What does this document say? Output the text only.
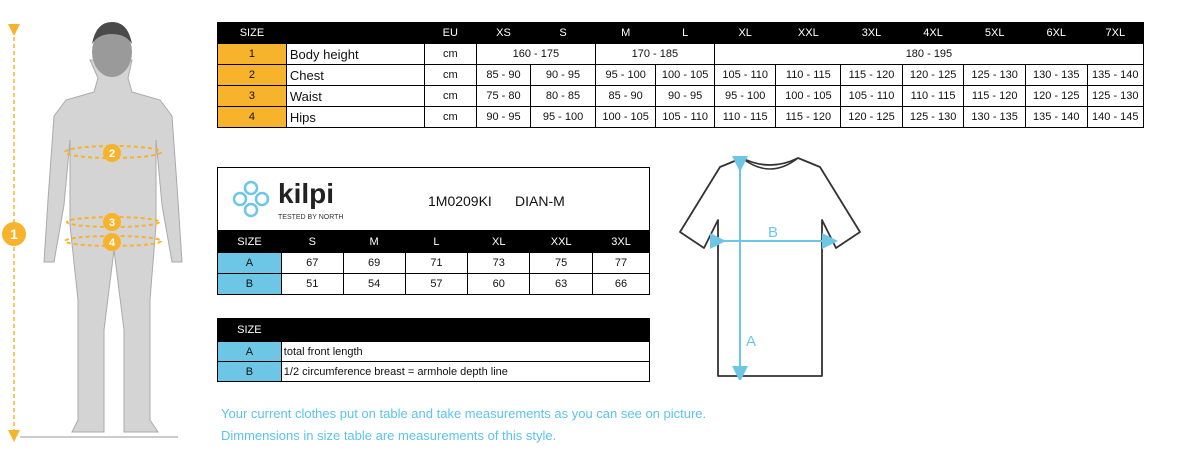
1
2
3
4
SIZE		EU	XS	S	M	L	XL	XXL	3XL	4XL	5XL	6XL	7XL
1	Body height	cm	160 - 175		170 - 185		180 - 195						
2	Chest	cm	85 - 90	90 - 95	95 - 100	100 - 105	105 - 110	110 - 115	115 - 120	120 - 125	125 - 130	130 - 135	135 - 140
3	Waist	cm	75 - 80	80 - 85	85 - 90	90 - 95	95 - 100	100 - 105	105 - 110	110 - 115	115 - 120	120 - 125	125 - 130
4	Hips	cm	90 - 95	95 - 100	100 - 105	105 - 110	110 - 115	115 - 120	120 - 125	125 - 130	130 - 135	135 - 140	140 - 145
kilpi
TESTED BY NORTH
1M0209KI DIAN-M
SIZE	S	M	L	XL	XXL	3XL
A	67	69	71	73	75	77
B	51	54	57	60	63	66
SIZE	
A	total front length
B	1/2 circumference breast = armhole depth line
A
B
Your current clothes put on table and take measurements as you can see on picture.
Dimmensions in size table are measurements of this style.
